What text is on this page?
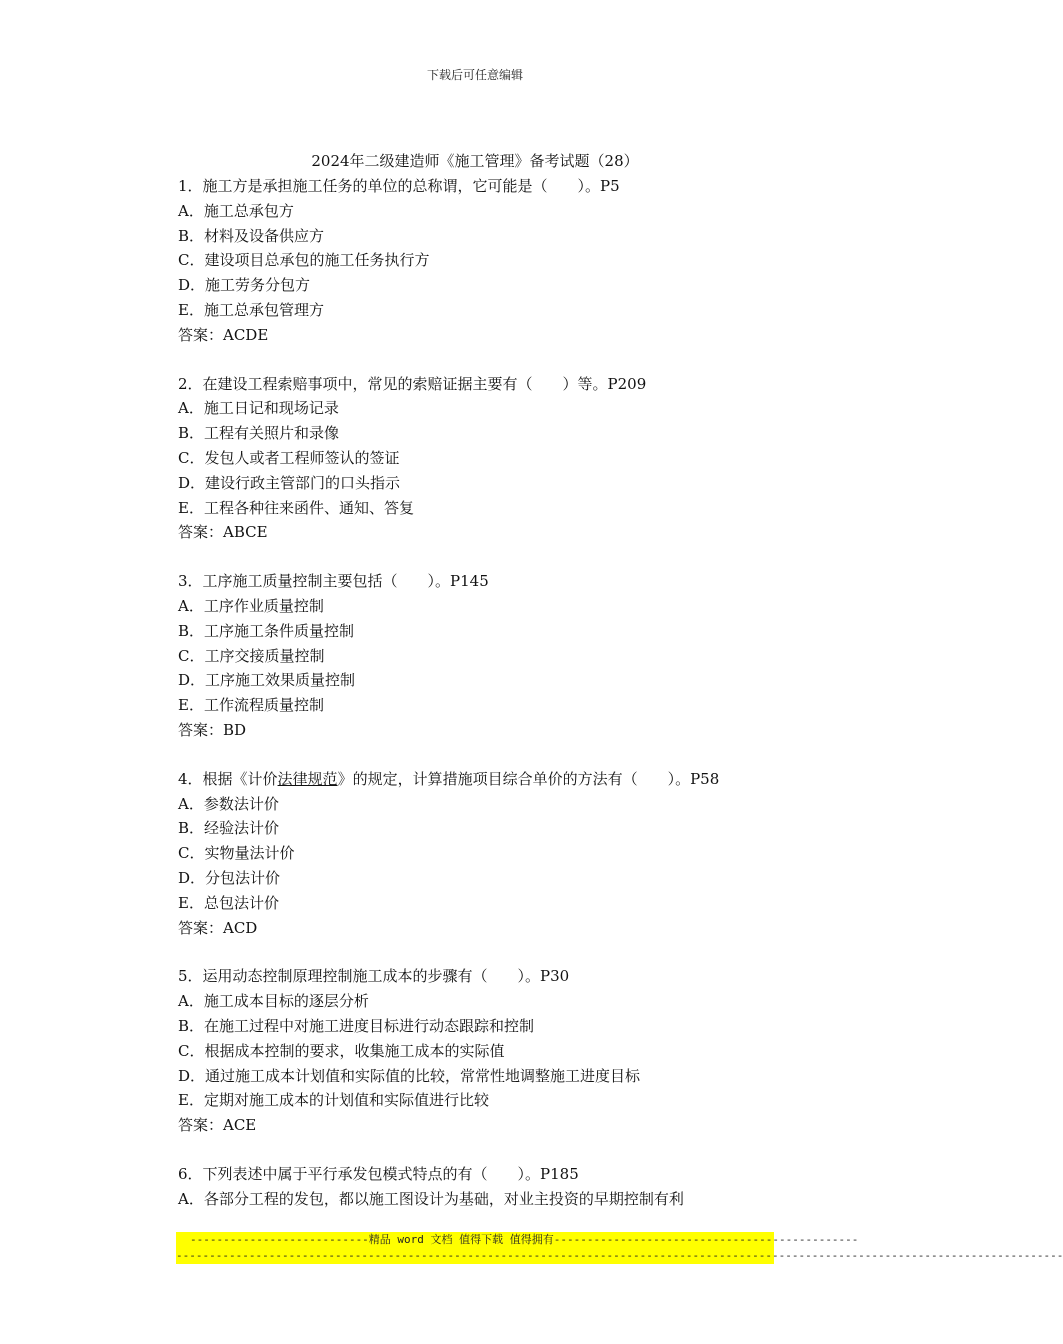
下载后可任意编辑
2024年二级建造师《施工管理》备考试题（28）
1．施工方是承担施工任务的单位的总称谓，它可能是（　　）。P5
A．施工总承包方
B．材料及设备供应方
C．建设项目总承包的施工任务执行方
D．施工劳务分包方
E．施工总承包管理方
答案：ACDE
2．在建设工程索赔事项中，常见的索赔证据主要有（　　）等。P209
A．施工日记和现场记录
B．工程有关照片和录像
C．发包人或者工程师签认的签证
D．建设行政主管部门的口头指示
E．工程各种往来函件、通知、答复
答案：ABCE
3．工序施工质量控制主要包括（　　）。P145
A．工序作业质量控制
B．工序施工条件质量控制
C．工序交接质量控制
D．工序施工效果质量控制
E．工作流程质量控制
答案：BD
4．根据《计价法律规范》的规定，计算措施项目综合单价的方法有（　　）。P58
A．参数法计价
B．经验法计价
C．实物量法计价
D．分包法计价
E．总包法计价
答案：ACD
5．运用动态控制原理控制施工成本的步骤有（　　）。P30
A．施工成本目标的逐层分析
B．在施工过程中对施工进度目标进行动态跟踪和控制
C．根据成本控制的要求，收集施工成本的实际值
D．通过施工成本计划值和实际值的比较，常常性地调整施工进度目标
E．定期对施工成本的计划值和实际值进行比较
答案：ACE
6．下列表述中属于平行承发包模式特点的有（　　）。P185
A．各部分工程的发包，都以施工图设计为基础，对业主投资的早期控制有利
---------------------------精品 word 文档 值得下载 值得拥有----------------------------------------------
--------------------------------------------------------------------------------------------------------------------------------------
